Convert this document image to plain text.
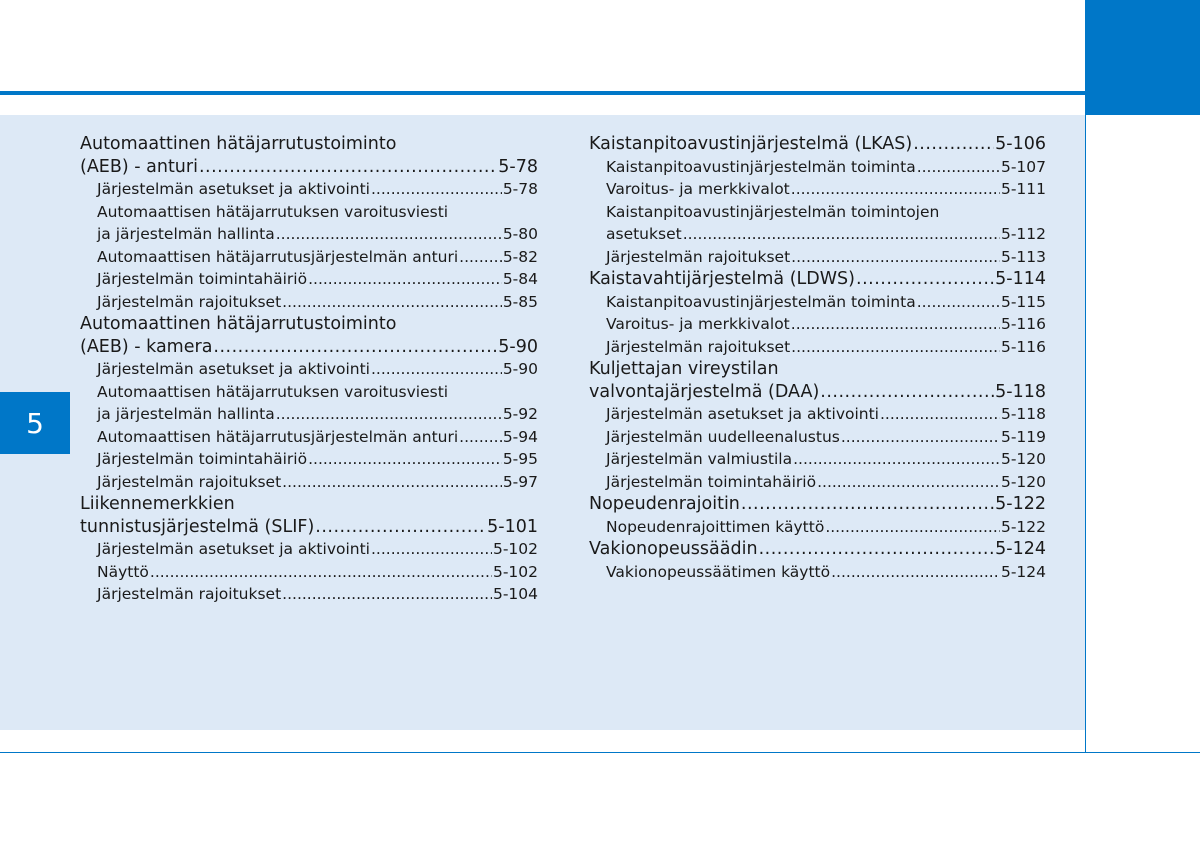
5
Automaattinen hätäjarrutustoiminto
(AEB) - anturi .....	5-78
Järjestelmän asetukset ja aktivointi .....	5-78
Automaattisen hätäjarrutuksen varoitusviesti
ja järjestelmän hallinta .....	5-80
Automaattisen hätäjarrutusjärjestelmän anturi .....	5-82
Järjestelmän toimintahäiriö .....	5-84
Järjestelmän rajoitukset .....	5-85
Automaattinen hätäjarrutustoiminto
(AEB) - kamera .....	5-90
Järjestelmän asetukset ja aktivointi .....	5-90
Automaattisen hätäjarrutuksen varoitusviesti
ja järjestelmän hallinta .....	5-92
Automaattisen hätäjarrutusjärjestelmän anturi .....	5-94
Järjestelmän toimintahäiriö .....	5-95
Järjestelmän rajoitukset .....	5-97
Liikennemerkkien
tunnistusjärjestelmä (SLIF) .....	5-101
Järjestelmän asetukset ja aktivointi .....	5-102
Näyttö .....	5-102
Järjestelmän rajoitukset .....	5-104
Kaistanpitoavustinjärjestelmä (LKAS) .....	5-106
Kaistanpitoavustinjärjestelmän toiminta .....	5-107
Varoitus- ja merkkivalot .....	5-111
Kaistanpitoavustinjärjestelmän toimintojen
asetukset .....	5-112
Järjestelmän rajoitukset .....	5-113
Kaistavahtijärjestelmä (LDWS) .....	5-114
Kaistanpitoavustinjärjestelmän toiminta .....	5-115
Varoitus- ja merkkivalot .....	5-116
Järjestelmän rajoitukset .....	5-116
Kuljettajan vireystilan
valvontajärjestelmä (DAA) .....	5-118
Järjestelmän asetukset ja aktivointi .....	5-118
Järjestelmän uudelleenalustus .....	5-119
Järjestelmän valmiustila .....	5-120
Järjestelmän toimintahäiriö .....	5-120
Nopeudenrajoitin .....	5-122
Nopeudenrajoittimen käyttö .....	5-122
Vakionopeussäädin .....	5-124
Vakionopeussäätimen käyttö .....	5-124
